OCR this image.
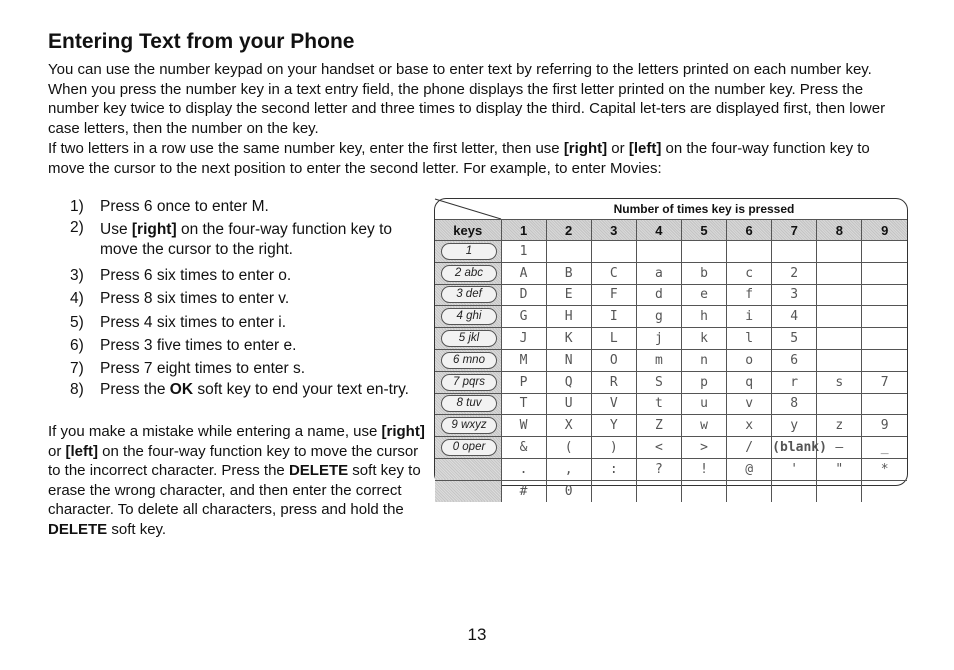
Entering Text from your Phone

You can use the number keypad on your handset or base to enter text by referring to the letters printed on each number key. When you press the number key in a text entry field, the phone displays the first letter printed on the number key. Press the number key twice to display the second letter and three times to display the third. Capital let-ters are displayed first, then lower case letters, then the number on the key.

If two letters in a row use the same number key, enter the first letter, then use [right] or [left] on the four-way function key to move the cursor to the next position to enter the second letter. For example, to enter Movies:

1) Press 6 once to enter M.
2) Use [right] on the four-way function key to move the cursor to the right.
3) Press 6 six times to enter o.
4) Press 8 six times to enter v.
5) Press 4 six times to enter i.
6) Press 3 five times to enter e.
7) Press 7 eight times to enter s.
8) Press the OK soft key to end your text en-try.

If you make a mistake while entering a name, use [right] or [left] on the four-way function key to move the cursor to the incorrect character. Press the DELETE soft key to erase the wrong character, and then enter the correct character. To delete all characters, press and hold the DELETE soft key.

Number of times key is pressed
keys	1	2	3	4	5	6	7	8	9
1	1								
2 abc	A	B	C	a	b	c	2		
3 def	D	E	F	d	e	f	3		
4 ghi	G	H	I	g	h	i	4		
5 jkl	J	K	L	j	k	l	5		
6 mno	M	N	O	m	n	o	6		
7 pqrs	P	Q	R	S	p	q	r	s	7
8 tuv	T	U	V	t	u	v	8		
9 wxyz	W	X	Y	Z	w	x	y	z	9
0 oper	&	(	)	<	>	/	(blank)	–	_
	.	,	:	?	!	@	'	"	*
	#	0							
13
